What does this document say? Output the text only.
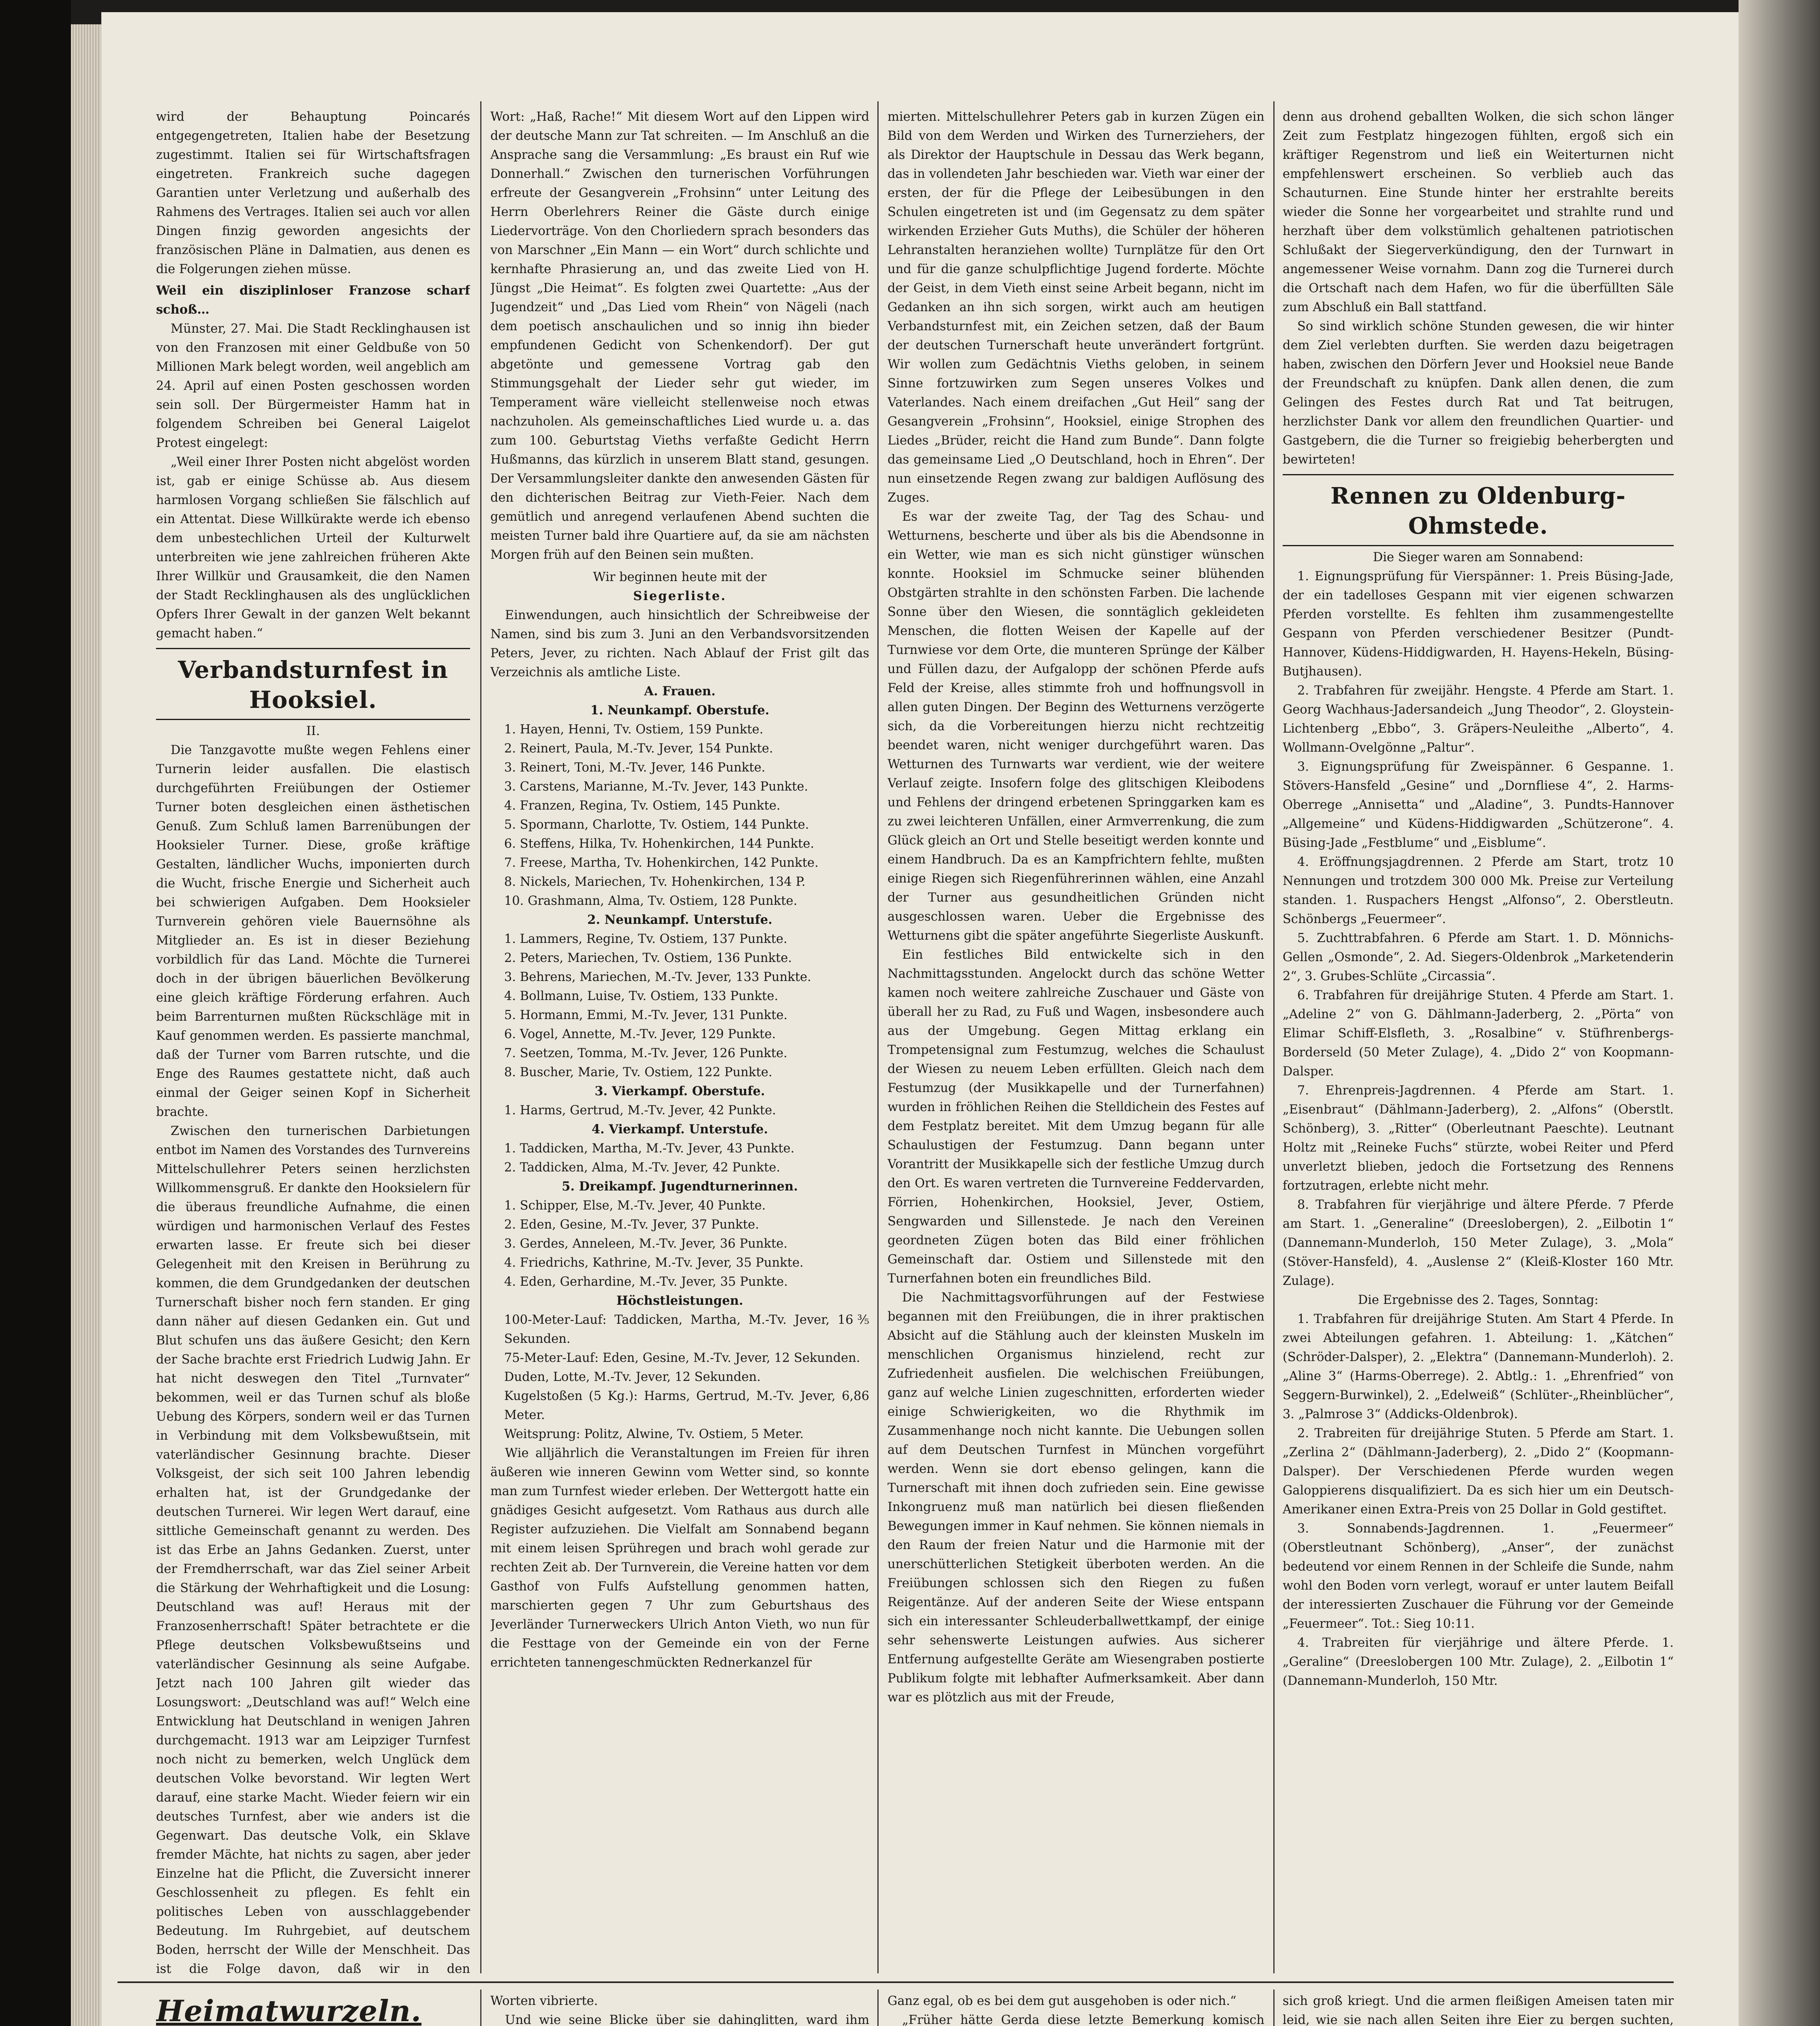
wird der Behauptung Poincarés entgegengetreten, Italien habe der Besetzung zugestimmt. Italien sei für Wirtschaftsfragen eingetreten. Frankreich suche dagegen Garantien unter Verletzung und außerhalb des Rahmens des Vertrages. Italien sei auch vor allen Dingen finzig geworden angesichts der französischen Pläne in Dalmatien, aus denen es die Folgerungen ziehen müsse.

Weil ein disziplinloser Franzose scharf schoß…

Münster, 27. Mai. Die Stadt Recklinghausen ist von den Franzosen mit einer Geldbuße von 50 Millionen Mark belegt worden, weil angeblich am 24. April auf einen Posten geschossen worden sein soll. Der Bürgermeister Hamm hat in folgendem Schreiben bei General Laigelot Protest eingelegt:

„Weil einer Ihrer Posten nicht abgelöst worden ist, gab er einige Schüsse ab. Aus diesem harmlosen Vorgang schließen Sie fälschlich auf ein Attentat. Diese Willkürakte werde ich ebenso dem unbestechlichen Urteil der Kulturwelt unterbreiten wie jene zahlreichen früheren Akte Ihrer Willkür und Grausamkeit, die den Namen der Stadt Recklinghausen als des unglücklichen Opfers Ihrer Gewalt in der ganzen Welt bekannt gemacht haben.“

Verbandsturnfest in Hooksiel.

II.

Die Tanzgavotte mußte wegen Fehlens einer Turnerin leider ausfallen. Die elastisch durchgeführten Freiübungen der Ostiemer Turner boten desgleichen einen ästhetischen Genuß. Zum Schluß lamen Barrenübungen der Hooksieler Turner. Diese, große kräftige Gestalten, ländlicher Wuchs, imponierten durch die Wucht, frische Energie und Sicherheit auch bei schwierigen Aufgaben. Dem Hooksieler Turnverein gehören viele Bauernsöhne als Mitglieder an. Es ist in dieser Beziehung vorbildlich für das Land. Möchte die Turnerei doch in der übrigen bäuerlichen Bevölkerung eine gleich kräftige Förderung erfahren. Auch beim Barrenturnen mußten Rückschläge mit in Kauf genommen werden. Es passierte manchmal, daß der Turner vom Barren rutschte, und die Enge des Raumes gestattete nicht, daß auch einmal der Geiger seinen Kopf in Sicherheit brachte.

Zwischen den turnerischen Darbietungen entbot im Namen des Vorstandes des Turnvereins Mittelschullehrer Peters seinen herzlichsten Willkommensgruß. Er dankte den Hooksielern für die überaus freundliche Aufnahme, die einen würdigen und harmonischen Verlauf des Festes erwarten lasse. Er freute sich bei dieser Gelegenheit mit den Kreisen in Berührung zu kommen, die dem Grundgedanken der deutschen Turnerschaft bisher noch fern standen. Er ging dann näher auf diesen Gedanken ein. Gut und Blut schufen uns das äußere Gesicht; den Kern der Sache brachte erst Friedrich Ludwig Jahn. Er hat nicht deswegen den Titel „Turnvater“ bekommen, weil er das Turnen schuf als bloße Uebung des Körpers, sondern weil er das Turnen in Verbindung mit dem Volksbewußtsein, mit vaterländischer Gesinnung brachte. Dieser Volksgeist, der sich seit 100 Jahren lebendig erhalten hat, ist der Grundgedanke der deutschen Turnerei. Wir legen Wert darauf, eine sittliche Gemeinschaft genannt zu werden. Des ist das Erbe an Jahns Gedanken. Zuerst, unter der Fremdherrschaft, war das Ziel seiner Arbeit die Stärkung der Wehrhaftigkeit und die Losung: Deutschland was auf! Heraus mit der Franzosenherrschaft! Später betrachtete er die Pflege deutschen Volksbewußtseins und vaterländischer Gesinnung als seine Aufgabe. Jetzt nach 100 Jahren gilt wieder das Losungswort: „Deutschland was auf!“ Welch eine Entwicklung hat Deutschland in wenigen Jahren durchgemacht. 1913 war am Leipziger Turnfest noch nicht zu bemerken, welch Unglück dem deutschen Volke bevorstand. Wir legten Wert darauf, eine starke Macht. Wieder feiern wir ein deutsches Turnfest, aber wie anders ist die Gegenwart. Das deutsche Volk, ein Sklave fremder Mächte, hat nichts zu sagen, aber jeder Einzelne hat die Pflicht, die Zuversicht innerer Geschlossenheit zu pflegen. Es fehlt ein politisches Leben von ausschlaggebender Bedeutung. Im Ruhrgebiet, auf deutschem Boden, herrscht der Wille der Menschheit. Das ist die Folge davon, daß wir in den

Wort: „Haß, Rache!“ Mit diesem Wort auf den Lippen wird der deutsche Mann zur Tat schreiten. — Im Anschluß an die Ansprache sang die Versammlung: „Es braust ein Ruf wie Donnerhall.“ Zwischen den turnerischen Vorführungen erfreute der Gesangverein „Frohsinn“ unter Leitung des Herrn Oberlehrers Reiner die Gäste durch einige Liedervorträge. Von den Chorliedern sprach besonders das von Marschner „Ein Mann — ein Wort“ durch schlichte und kernhafte Phrasierung an, und das zweite Lied von H. Jüngst „Die Heimat“. Es folgten zwei Quartette: „Aus der Jugendzeit“ und „Das Lied vom Rhein“ von Nägeli (nach dem poetisch anschaulichen und so innig ihn bieder empfundenen Gedicht von Schenkendorf). Der gut abgetönte und gemessene Vortrag gab den Stimmungsgehalt der Lieder sehr gut wieder, im Temperament wäre vielleicht stellenweise noch etwas nachzuholen. Als gemeinschaftliches Lied wurde u. a. das zum 100. Geburtstag Vieths verfaßte Gedicht Herrn Hußmanns, das kürzlich in unserem Blatt stand, gesungen. Der Versammlungsleiter dankte den anwesenden Gästen für den dichterischen Beitrag zur Vieth-Feier. Nach dem gemütlich und anregend verlaufenen Abend suchten die meisten Turner bald ihre Quartiere auf, da sie am nächsten Morgen früh auf den Beinen sein mußten.

Wir beginnen heute mit der

Siegerliste.

Einwendungen, auch hinsichtlich der Schreibweise der Namen, sind bis zum 3. Juni an den Verbandsvorsitzenden Peters, Jever, zu richten. Nach Ablauf der Frist gilt das Verzeichnis als amtliche Liste.

A. Frauen.

1. Neunkampf. Oberstufe.

1. Hayen, Henni, Tv. Ostiem, 159 Punkte.

2. Reinert, Paula, M.-Tv. Jever, 154 Punkte.

3. Reinert, Toni, M.-Tv. Jever, 146 Punkte.

3. Carstens, Marianne, M.-Tv. Jever, 143 Punkte.

4. Franzen, Regina, Tv. Ostiem, 145 Punkte.

5. Spormann, Charlotte, Tv. Ostiem, 144 Punkte.

6. Steffens, Hilka, Tv. Hohenkirchen, 144 Punkte.

7. Freese, Martha, Tv. Hohenkirchen, 142 Punkte.

8. Nickels, Mariechen, Tv. Hohenkirchen, 134 P.

10. Grashmann, Alma, Tv. Ostiem, 128 Punkte.

2. Neunkampf. Unterstufe.

1. Lammers, Regine, Tv. Ostiem, 137 Punkte.

2. Peters, Mariechen, Tv. Ostiem, 136 Punkte.

3. Behrens, Mariechen, M.-Tv. Jever, 133 Punkte.

4. Bollmann, Luise, Tv. Ostiem, 133 Punkte.

5. Hormann, Emmi, M.-Tv. Jever, 131 Punkte.

6. Vogel, Annette, M.-Tv. Jever, 129 Punkte.

7. Seetzen, Tomma, M.-Tv. Jever, 126 Punkte.

8. Buscher, Marie, Tv. Ostiem, 122 Punkte.

3. Vierkampf. Oberstufe.

1. Harms, Gertrud, M.-Tv. Jever, 42 Punkte.

4. Vierkampf. Unterstufe.

1. Taddicken, Martha, M.-Tv. Jever, 43 Punkte.

2. Taddicken, Alma, M.-Tv. Jever, 42 Punkte.

5. Dreikampf. Jugendturnerinnen.

1. Schipper, Else, M.-Tv. Jever, 40 Punkte.

2. Eden, Gesine, M.-Tv. Jever, 37 Punkte.

3. Gerdes, Anneleen, M.-Tv. Jever, 36 Punkte.

4. Friedrichs, Kathrine, M.-Tv. Jever, 35 Punkte.

4. Eden, Gerhardine, M.-Tv. Jever, 35 Punkte.

Höchstleistungen.

100-Meter-Lauf: Taddicken, Martha, M.-Tv. Jever, 16⅗ Sekunden.

75-Meter-Lauf: Eden, Gesine, M.-Tv. Jever, 12 Sekunden.

Duden, Lotte, M.-Tv. Jever, 12 Sekunden.

Kugelstoßen (5 Kg.): Harms, Gertrud, M.-Tv. Jever, 6,86 Meter.

Weitsprung: Politz, Alwine, Tv. Ostiem, 5 Meter.

Wie alljährlich die Veranstaltungen im Freien für ihren äußeren wie inneren Gewinn vom Wetter sind, so konnte man zum Turnfest wieder erleben. Der Wettergott hatte ein gnädiges Gesicht aufgesetzt. Vom Rathaus aus durch alle Register aufzuziehen. Die Vielfalt am Sonnabend begann mit einem leisen Sprühregen und brach wohl gerade zur rechten Zeit ab. Der Turnverein, die Vereine hatten vor dem Gasthof von Fulfs Aufstellung genommen hatten, marschierten gegen 7 Uhr zum Geburtshaus des Jeverländer Turnerweckers Ulrich Anton Vieth, wo nun für die Festtage von der Gemeinde ein von der Ferne errichteten tannengeschmückten Rednerkanzel für

mierten. Mittelschullehrer Peters gab in kurzen Zügen ein Bild von dem Werden und Wirken des Turnerziehers, der als Direktor der Hauptschule in Dessau das Werk begann, das in vollendeten Jahr beschieden war. Vieth war einer der ersten, der für die Pflege der Leibesübungen in den Schulen eingetreten ist und (im Gegensatz zu dem später wirkenden Erzieher Guts Muths), die Schüler der höheren Lehranstalten heranziehen wollte) Turnplätze für den Ort und für die ganze schulpflichtige Jugend forderte. Möchte der Geist, in dem Vieth einst seine Arbeit begann, nicht im Gedanken an ihn sich sorgen, wirkt auch am heutigen Verbandsturnfest mit, ein Zeichen setzen, daß der Baum der deutschen Turnerschaft heute unverändert fortgrünt. Wir wollen zum Gedächtnis Vieths geloben, in seinem Sinne fortzuwirken zum Segen unseres Volkes und Vaterlandes. Nach einem dreifachen „Gut Heil“ sang der Gesangverein „Frohsinn“, Hooksiel, einige Strophen des Liedes „Brüder, reicht die Hand zum Bunde“. Dann folgte das gemeinsame Lied „O Deutschland, hoch in Ehren“. Der nun einsetzende Regen zwang zur baldigen Auflösung des Zuges.

Es war der zweite Tag, der Tag des Schau- und Wetturnens, bescherte und über als bis die Abendsonne in ein Wetter, wie man es sich nicht günstiger wünschen konnte. Hooksiel im Schmucke seiner blühenden Obstgärten strahlte in den schönsten Farben. Die lachende Sonne über den Wiesen, die sonntäglich gekleideten Menschen, die flotten Weisen der Kapelle auf der Turnwiese vor dem Orte, die munteren Sprünge der Kälber und Füllen dazu, der Aufgalopp der schönen Pferde aufs Feld der Kreise, alles stimmte froh und hoffnungsvoll in allen guten Dingen. Der Beginn des Wetturnens verzögerte sich, da die Vorbereitungen hierzu nicht rechtzeitig beendet waren, nicht weniger durchgeführt waren. Das Wetturnen des Turnwarts war verdient, wie der weitere Verlauf zeigte. Insofern folge des glitschigen Kleibodens und Fehlens der dringend erbetenen Springgarken kam es zu zwei leichteren Unfällen, einer Armverrenkung, die zum Glück gleich an Ort und Stelle beseitigt werden konnte und einem Handbruch. Da es an Kampfrichtern fehlte, mußten einige Riegen sich Riegenführerinnen wählen, eine Anzahl der Turner aus gesundheitlichen Gründen nicht ausgeschlossen waren. Ueber die Ergebnisse des Wetturnens gibt die später angeführte Siegerliste Auskunft.

Ein festliches Bild entwickelte sich in den Nachmittagsstunden. Angelockt durch das schöne Wetter kamen noch weitere zahlreiche Zuschauer und Gäste von überall her zu Rad, zu Fuß und Wagen, insbesondere auch aus der Umgebung. Gegen Mittag erklang ein Trompetensignal zum Festumzug, welches die Schaulust der Wiesen zu neuem Leben erfüllten. Gleich nach dem Festumzug (der Musikkapelle und der Turnerfahnen) wurden in fröhlichen Reihen die Stelldichein des Festes auf dem Festplatz bereitet. Mit dem Umzug begann für alle Schaulustigen der Festumzug. Dann begann unter Vorantritt der Musikkapelle sich der festliche Umzug durch den Ort. Es waren vertreten die Turnvereine Feddervarden, Förrien, Hohenkirchen, Hooksiel, Jever, Ostiem, Sengwarden und Sillenstede. Je nach den Vereinen geordneten Zügen boten das Bild einer fröhlichen Gemeinschaft dar. Ostiem und Sillenstede mit den Turnerfahnen boten ein freundliches Bild.

Die Nachmittagsvorführungen auf der Festwiese begannen mit den Freiübungen, die in ihrer praktischen Absicht auf die Stählung auch der kleinsten Muskeln im menschlichen Organismus hinzielend, recht zur Zufriedenheit ausfielen. Die welchischen Freiübungen, ganz auf welche Linien zugeschnitten, erforderten wieder einige Schwierigkeiten, wo die Rhythmik im Zusammenhange noch nicht kannte. Die Uebungen sollen auf dem Deutschen Turnfest in München vorgeführt werden. Wenn sie dort ebenso gelingen, kann die Turnerschaft mit ihnen doch zufrieden sein. Eine gewisse Inkongruenz muß man natürlich bei diesen fließenden Bewegungen immer in Kauf nehmen. Sie können niemals in den Raum der freien Natur und die Harmonie mit der unerschütterlichen Stetigkeit überboten werden. An die Freiübungen schlossen sich den Riegen zu fußen Reigentänze. Auf der anderen Seite der Wiese entspann sich ein interessanter Schleuderballwettkampf, der einige sehr sehenswerte Leistungen aufwies. Aus sicherer Entfernung aufgestellte Geräte am Wiesengraben postierte Publikum folgte mit lebhafter Aufmerksamkeit. Aber dann war es plötzlich aus mit der Freude,

denn aus drohend geballten Wolken, die sich schon länger Zeit zum Festplatz hingezogen fühlten, ergoß sich ein kräftiger Regenstrom und ließ ein Weiterturnen nicht empfehlenswert erscheinen. So verblieb auch das Schauturnen. Eine Stunde hinter her erstrahlte bereits wieder die Sonne her vorgearbeitet und strahlte rund und herzhaft über dem volkstümlich gehaltenen patriotischen Schlußakt der Siegerverkündigung, den der Turnwart in angemessener Weise vornahm. Dann zog die Turnerei durch die Ortschaft nach dem Hafen, wo für die überfüllten Säle zum Abschluß ein Ball stattfand.

So sind wirklich schöne Stunden gewesen, die wir hinter dem Ziel verlebten durften. Sie werden dazu beigetragen haben, zwischen den Dörfern Jever und Hooksiel neue Bande der Freundschaft zu knüpfen. Dank allen denen, die zum Gelingen des Festes durch Rat und Tat beitrugen, herzlichster Dank vor allem den freundlichen Quartier- und Gastgebern, die die Turner so freigiebig beherbergten und bewirteten!

Rennen zu Oldenburg-Ohmstede.

Die Sieger waren am Sonnabend:

1. Eignungsprüfung für Vierspänner: 1. Preis Büsing-Jade, der ein tadelloses Gespann mit vier eigenen schwarzen Pferden vorstellte. Es fehlten ihm zusammengestellte Gespann von Pferden verschiedener Besitzer (Pundt-Hannover, Küdens-Hiddigwarden, H. Hayens-Hekeln, Büsing-Butjhausen).

2. Trabfahren für zweijähr. Hengste. 4 Pferde am Start. 1. Georg Wachhaus-Jadersandeich „Jung Theodor“, 2. Gloystein-Lichtenberg „Ebbo“, 3. Gräpers-Neuleithe „Alberto“, 4. Wollmann-Ovelgönne „Paltur“.

3. Eignungsprüfung für Zweispänner. 6 Gespanne. 1. Stövers-Hansfeld „Gesine“ und „Dornfliese 4“, 2. Harms-Oberrege „Annisetta“ und „Aladine“, 3. Pundts-Hannover „Allgemeine“ und Küdens-Hiddigwarden „Schützerone“. 4. Büsing-Jade „Festblume“ und „Eisblume“.

4. Eröffnungsjagdrennen. 2 Pferde am Start, trotz 10 Nennungen und trotzdem 300 000 Mk. Preise zur Verteilung standen. 1. Ruspachers Hengst „Alfonso“, 2. Oberstleutn. Schönbergs „Feuermeer“.

5. Zuchttrabfahren. 6 Pferde am Start. 1. D. Mönnichs-Gellen „Osmonde“, 2. Ad. Siegers-Oldenbrok „Marketenderin 2“, 3. Grubes-Schlüte „Circassia“.

6. Trabfahren für dreijährige Stuten. 4 Pferde am Start. 1. „Adeline 2“ von G. Dählmann-Jaderberg, 2. „Pörta“ von Elimar Schiff-Elsfleth, 3. „Rosalbine“ v. Stüfhrenbergs-Borderseld (50 Meter Zulage), 4. „Dido 2“ von Koopmann-Dalsper.

7. Ehrenpreis-Jagdrennen. 4 Pferde am Start. 1. „Eisenbraut“ (Dählmann-Jaderberg), 2. „Alfons“ (Oberstlt. Schönberg), 3. „Ritter“ (Oberleutnant Paeschte). Leutnant Holtz mit „Reineke Fuchs“ stürzte, wobei Reiter und Pferd unverletzt blieben, jedoch die Fortsetzung des Rennens fortzutragen, erlebte nicht mehr.

8. Trabfahren für vierjährige und ältere Pferde. 7 Pferde am Start. 1. „Generaline“ (Dreeslobergen), 2. „Eilbotin 1“ (Dannemann-Munderloh, 150 Meter Zulage), 3. „Mola“ (Stöver-Hansfeld), 4. „Auslense 2“ (Kleiß-Kloster 160 Mtr. Zulage).

Die Ergebnisse des 2. Tages, Sonntag:

1. Trabfahren für dreijährige Stuten. Am Start 4 Pferde. In zwei Abteilungen gefahren. 1. Abteilung: 1. „Kätchen“ (Schröder-Dalsper), 2. „Elektra“ (Dannemann-Munderloh). 2. „Aline 3“ (Harms-Oberrege). 2. Abtlg.: 1. „Ehrenfried“ von Seggern-Burwinkel), 2. „Edelweiß“ (Schlüter-„Rheinblücher“, 3. „Palmrose 3“ (Addicks-Oldenbrok).

2. Trabreiten für dreijährige Stuten. 5 Pferde am Start. 1. „Zerlina 2“ (Dählmann-Jaderberg), 2. „Dido 2“ (Koopmann-Dalsper). Der Verschiedenen Pferde wurden wegen Galoppierens disqualifiziert. Da es sich hier um ein Deutsch-Amerikaner einen Extra-Preis von 25 Dollar in Gold gestiftet.

3. Sonnabends-Jagdrennen. 1. „Feuermeer“ (Oberstleutnant Schönberg), „Anser“, der zunächst bedeutend vor einem Rennen in der Schleife die Sunde, nahm wohl den Boden vorn verlegt, worauf er unter lautem Beifall der interessierten Zuschauer die Führung vor der Gemeinde „Feuermeer“. Tot.: Sieg 10:11.

4. Trabreiten für vierjährige und ältere Pferde. 1. „Geraline“ (Dreeslobergen 100 Mtr. Zulage), 2. „Eilbotin 1“ (Dannemann-Munderloh, 150 Mtr.

Heimatwurzeln.	Worten vibrierte.

Und wie seine Blicke über sie dahinglitten, ward ihm

Ganz egal, ob es bei dem gut ausgehoben is oder nich.“

„Früher hätte Gerda diese letzte Bemerkung komisch

sich groß kriegt. Und die armen fleißigen Ameisen taten mir leid, wie sie nach allen Seiten ihre Eier zu bergen suchten,
